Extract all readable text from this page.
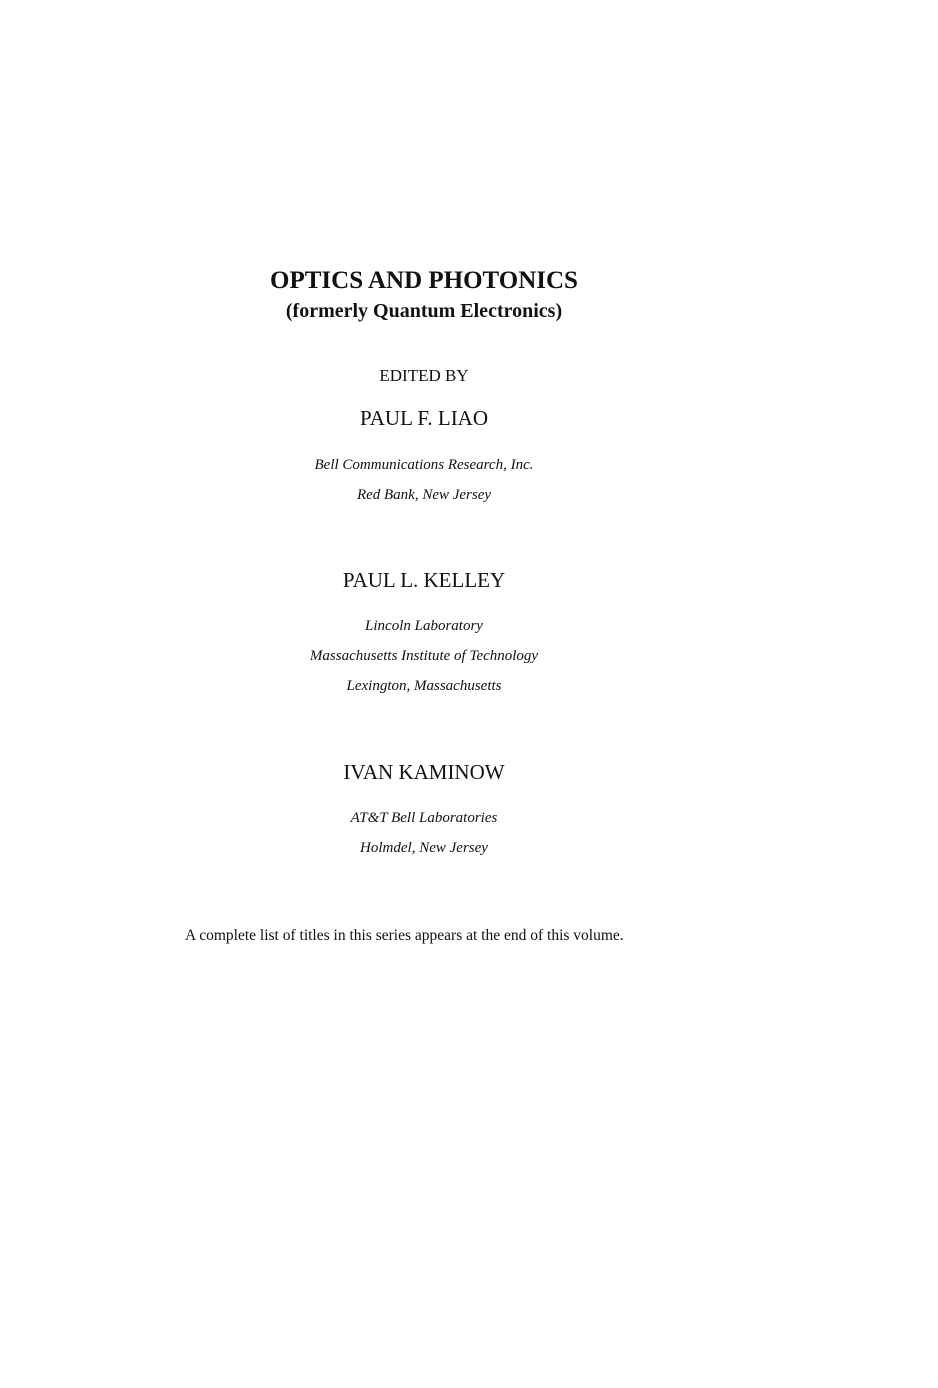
OPTICS AND PHOTONICS
(formerly Quantum Electronics)
EDITED BY
PAUL F. LIAO
Bell Communications Research, Inc.
Red Bank, New Jersey
PAUL L. KELLEY
Lincoln Laboratory
Massachusetts Institute of Technology
Lexington, Massachusetts
IVAN KAMINOW
AT&T Bell Laboratories
Holmdel, New Jersey
A complete list of titles in this series appears at the end of this volume.
